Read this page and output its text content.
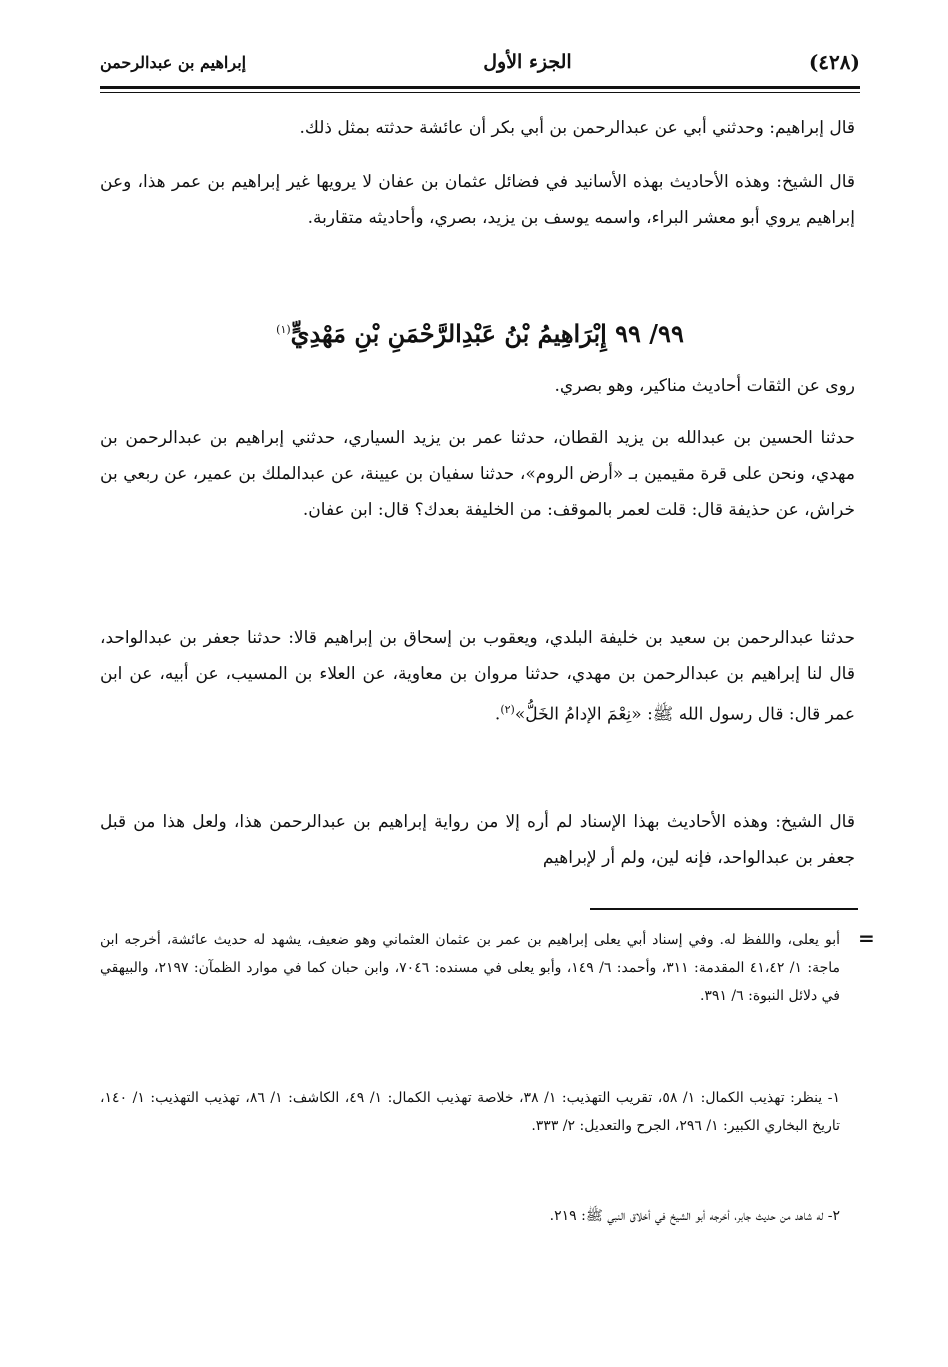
(٤٢٨)
الجزء الأول
إبراهيم بن عبدالرحمن
قال إبراهيم: وحدثني أبي عن عبدالرحمن بن أبي بكر أن عائشة حدثته بمثل ذلك.
قال الشيخ: وهذه الأحاديث بهذه الأسانيد في فضائل عثمان بن عفان لا يرويها غير إبراهيم بن عمر هذا، وعن إبراهيم يروي أبو معشر البراء، واسمه يوسف بن يزيد، بصري، وأحاديثه متقاربة.
٩٩/ ٩٩ إِبْرَاهِيمُ بْنُ عَبْدِالرَّحْمَنِ بْنِ مَهْدِيٍّ$^{(١)}$
روى عن الثقات أحاديث مناكير، وهو بصري.
حدثنا الحسين بن عبدالله بن يزيد القطان، حدثنا عمر بن يزيد السياري، حدثني إبراهيم بن عبدالرحمن بن مهدي، ونحن على قرة مقيمين بـ «أرض الروم»، حدثنا سفيان بن عيينة، عن عبدالملك بن عمير، عن ربعي بن خراش، عن حذيفة قال: قلت لعمر بالموقف: من الخليفة بعدك؟ قال: ابن عفان.
حدثنا عبدالرحمن بن سعيد بن خليفة البلدي، ويعقوب بن إسحاق بن إبراهيم قالا: حدثنا جعفر بن عبدالواحد، قال لنا إبراهيم بن عبدالرحمن بن مهدي، حدثنا مروان بن معاوية، عن العلاء بن المسيب، عن أبيه، عن ابن عمر قال: قال رسول الله ﷺ: «نِعْمَ الإدامُ الخَلُّ»$^{(٢)}$.
قال الشيخ: وهذه الأحاديث بهذا الإسناد لم أره إلا من رواية إبراهيم بن عبدالرحمن هذا، ولعل هذا من قبل جعفر بن عبدالواحد، فإنه لين، ولم أر لإبراهيم
=
أبو يعلى، واللفظ له. وفي إسناد أبي يعلى إبراهيم بن عمر بن عثمان العثماني وهو ضعيف، يشهد له حديث عائشة، أخرجه ابن ماجة: ١/ ٤١،٤٢ المقدمة: ٣١١، وأحمد: ٦/ ١٤٩، وأبو يعلى في مسنده: ٧٠٤٦، وابن حبان كما في موارد الظمآن: ٢١٩٧، والبيهقي في دلائل النبوة: ٦/ ٣٩١.
١- ينظر: تهذيب الكمال: ١/ ٥٨، تقريب التهذيب: ١/ ٣٨، خلاصة تهذيب الكمال: ١/ ٤٩، الكاشف: ١/ ٨٦، تهذيب التهذيب: ١/ ١٤٠، تاريخ البخاري الكبير: ١/ ٢٩٦، الجرح والتعديل: ٢/ ٣٣٣.
٢- له شاهد من حديث جابر، أخرجه أبو الشيخ في أخلاق النبي ﷺ: ٢١٩.
